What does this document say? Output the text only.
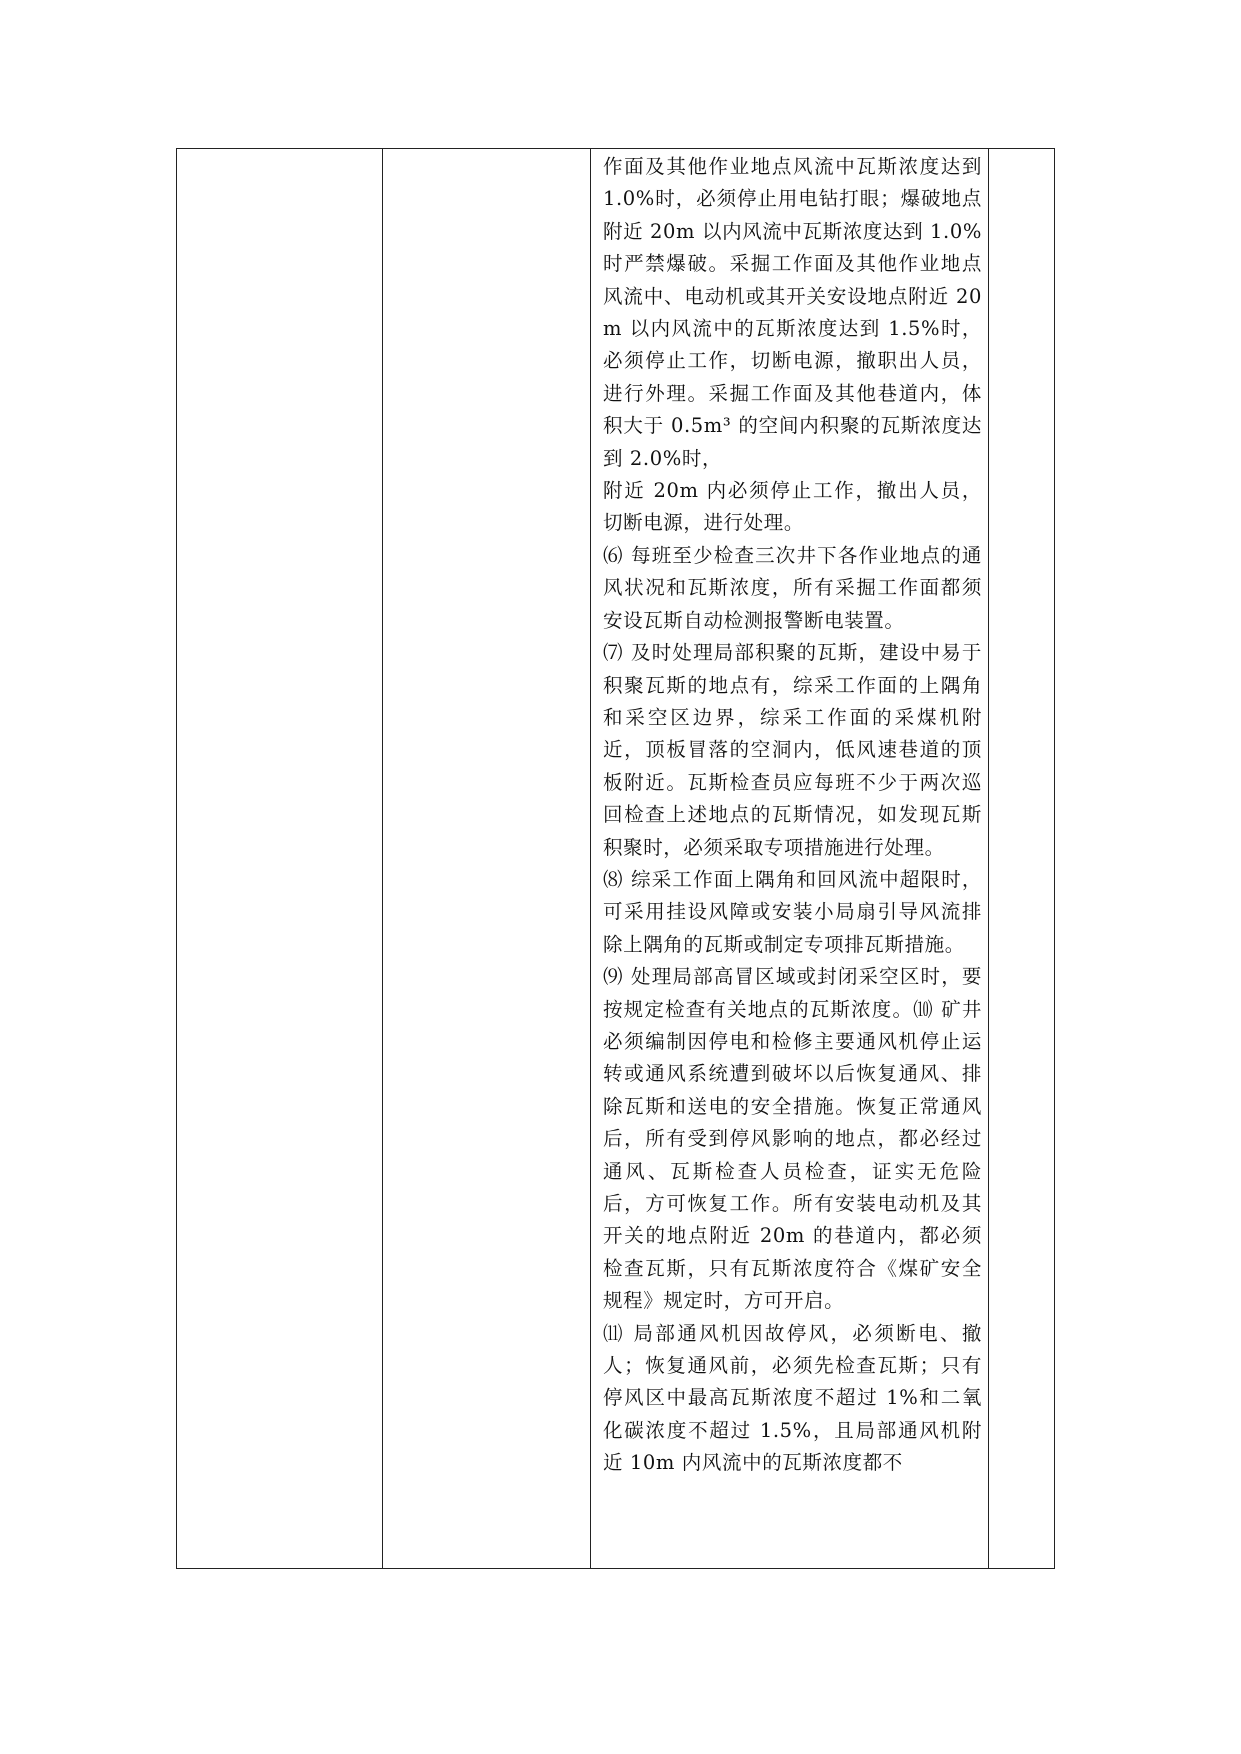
作面及其他作业地点风流中瓦斯浓度达到 1.0%时，必须停止用电钻打眼；爆破地点附近 20m 以内风流中瓦斯浓度达到 1.0%时严禁爆破。采掘工作面及其他作业地点风流中、电动机或其开关安设地点附近 20m 以内风流中的瓦斯浓度达到 1.5%时，必须停止工作，切断电源，撤职出人员，进行外理。采掘工作面及其他巷道内，体积大于 0.5m³ 的空间内积聚的瓦斯浓度达到 2.0%时，

附近 20m 内必须停止工作，撤出人员，切断电源，进行处理。

⑹ 每班至少检查三次井下各作业地点的通风状况和瓦斯浓度，所有采掘工作面都须安设瓦斯自动检测报警断电装置。

⑺ 及时处理局部积聚的瓦斯，建设中易于积聚瓦斯的地点有，综采工作面的上隅角和采空区边界，综采工作面的采煤机附近，顶板冒落的空洞内，低风速巷道的顶板附近。瓦斯检查员应每班不少于两次巡回检查上述地点的瓦斯情况，如发现瓦斯积聚时，必须采取专项措施进行处理。

⑻ 综采工作面上隅角和回风流中超限时，可采用挂设风障或安装小局扇引导风流排除上隅角的瓦斯或制定专项排瓦斯措施。

⑼ 处理局部高冒区域或封闭采空区时，要按规定检查有关地点的瓦斯浓度。⑽ 矿井必须编制因停电和检修主要通风机停止运转或通风系统遭到破坏以后恢复通风、排除瓦斯和送电的安全措施。恢复正常通风后，所有受到停风影响的地点，都必经过通风、瓦斯检查人员检查，证实无危险后，方可恢复工作。所有安装电动机及其开关的地点附近 20m 的巷道内，都必须检查瓦斯，只有瓦斯浓度符合《煤矿安全规程》规定时，方可开启。

⑾ 局部通风机因故停风，必须断电、撤人；恢复通风前，必须先检查瓦斯；只有停风区中最高瓦斯浓度不超过 1%和二氧化碳浓度不超过 1.5%，且局部通风机附近 10m 内风流中的瓦斯浓度都不
